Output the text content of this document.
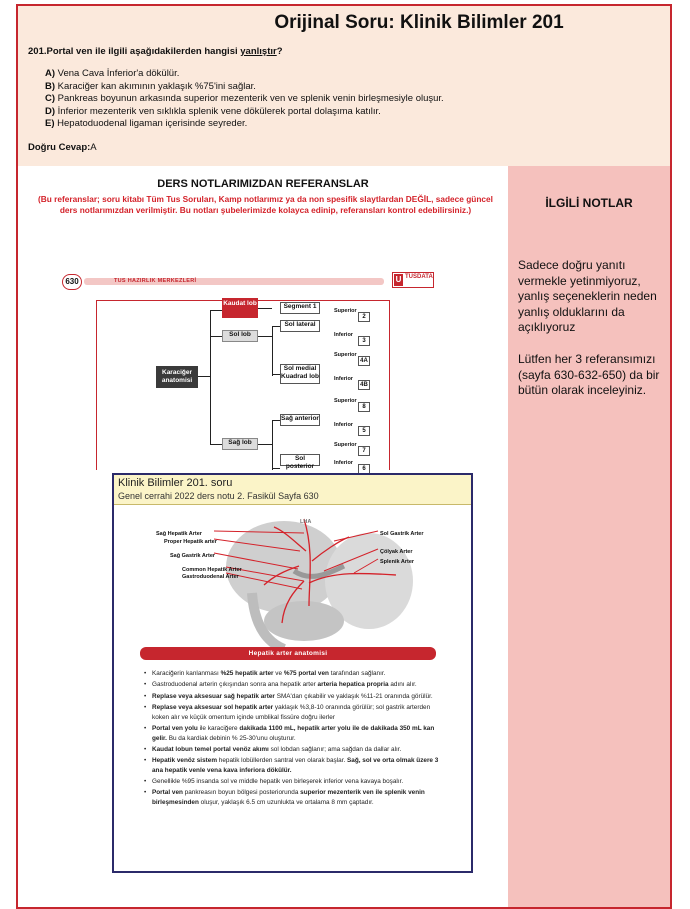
Orijinal Soru: Klinik Bilimler 201
201.Portal ven ile ilgili aşağıdakilerden hangisi yanlıştır?
A) Vena Cava İnferior'a dökülür.
B) Karaciğer kan akımının yaklaşık %75'ini sağlar.
C) Pankreas boyunun arkasında superior mezenterik ven ve splenik venin birleşmesiyle oluşur.
D) İnferior mezenterik ven sıklıkla splenik vene dökülerek portal dolaşıma katılır.
E) Hepatoduodenal ligaman içerisinde seyreder.
Doğru Cevap:A
DERS NOTLARIMIZDAN REFERANSLAR
(Bu referanslar; soru kitabı Tüm Tus Soruları, Kamp notlarımız ya da non spesifik slaytlardan DEĞİL, sadece güncel ders notlarımızdan verilmiştir. Bu notları şubelerimizde kolayca edinip, referansları kontrol edebilirsiniz.)
630	TUS HAZIRLIK MERKEZLERİ	U TUSDATA
Karaciğer anatomisi
Kaudat lob
Sol lob
Sağ lob
Segment 1
Sol lateral
Sol medial Kuadrad lob
Sağ anterior
Sol posterior
Superior
2
Inferior
3
Superior
4A
Inferior
4B
Superior
8
Inferior
5
Superior
7
Inferior
6
Klinik Bilimler 201. soru
Genel cerrahi 2022 ders notu 2. Fasikül Sayfa 630
Sağ Hepatik Arter
Proper Hepatik arter
Sağ Gastrik Arter
Common Hepatik Arter
Gastroduodenal Arter
Sol Gastrik Arter
Çölyak Arter
Splenik Arter
LHA
Hepatik arter anatomisi
• Karaciğerin kanlanması %25 hepatik arter ve %75 portal ven tarafından sağlanır.
• Gastroduodenal arterin çıkışından sonra ana hepatik arter arteria hepatica propria adını alır.
• Replase veya aksesuar sağ hepatik arter SMA'dan çıkabilir ve yaklaşık %11-21 oranında görülür.
• Replase veya aksesuar sol hepatik arter yaklaşık %3,8-10 oranında görülür; sol gastrik arterden koken alır ve küçük omentum içinde umblikal fissüre doğru ilerler
• Portal ven yolu ile karaciğere dakikada 1100 mL, hepatik arter yolu ile de dakikada 350 mL kan gelir. Bu da kardiak debinin % 25-30'unu oluşturur.
• Kaudat lobun temel portal venöz akımı sol lobdan sağlanır; ama sağdan da dallar alır.
• Hepatik venöz sistem hepatik lobüllerden santral ven olarak başlar. Sağ, sol ve orta olmak üzere 3 ana hepatik venle vena kava inferiora dökülür.
• Genellikle %95 insanda sol ve middle hepatik ven birleşerek inferior vena kavaya boşalır.
• Portal ven pankreasın boyun bölgesi posteriorunda superior mezenterik ven ile splenik venin birleşmesinden oluşur, yaklaşık 6.5 cm uzunlukta ve ortalama 8 mm çaptadır.
İLGİLİ NOTLAR
Sadece doğru yanıtı vermekle yetinmiyoruz, yanlış seçeneklerin neden yanlış olduklarını da açıklıyoruz
Lütfen her 3 referansımızı (sayfa 630-632-650) da bir bütün olarak inceleyiniz.
